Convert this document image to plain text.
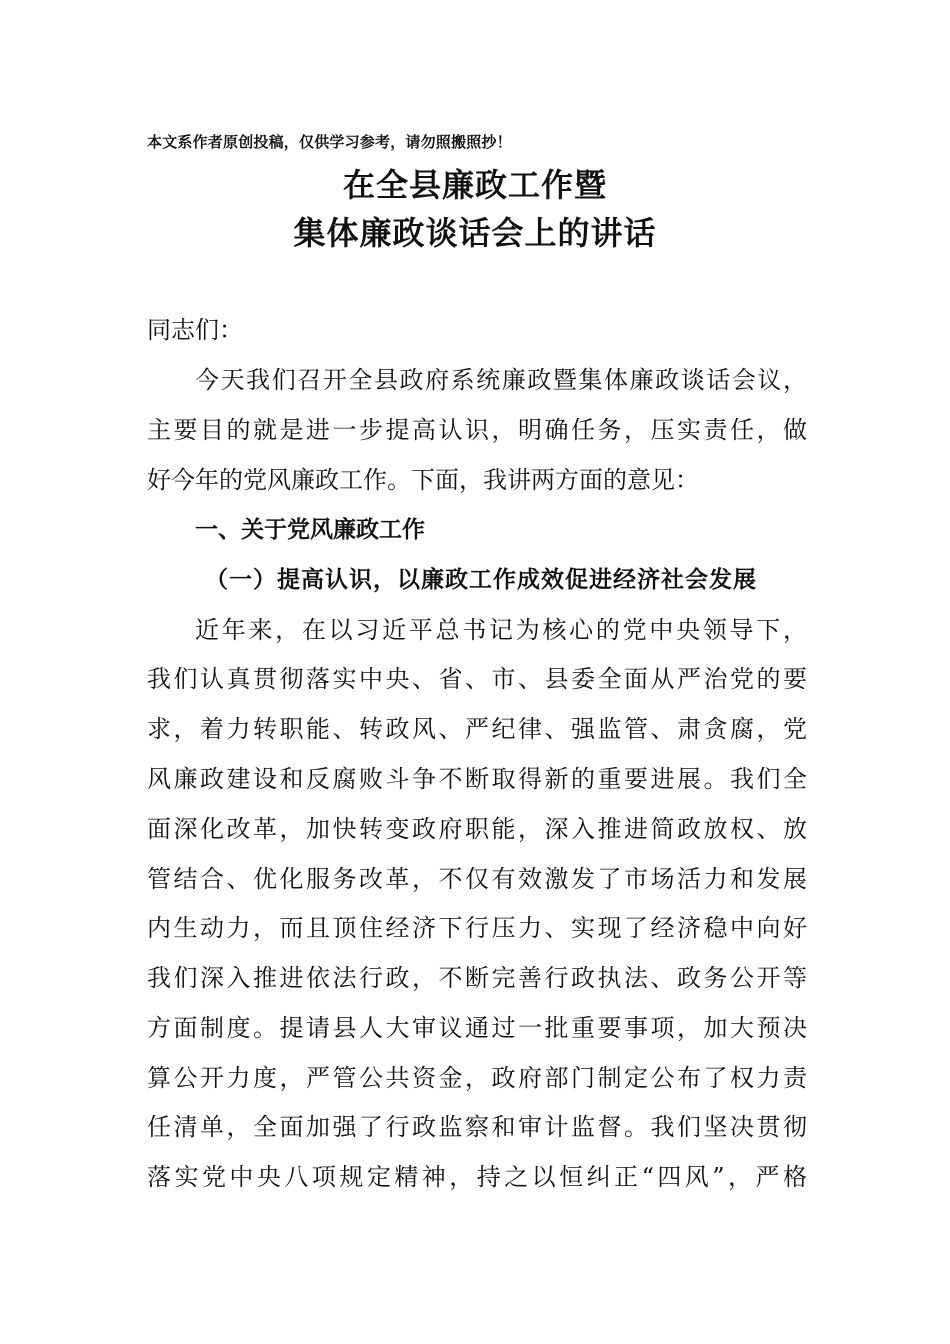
本文系作者原创投稿，仅供学习参考，请勿照搬照抄！
在全县廉政工作暨
集体廉政谈话会上的讲话
同志们：
今天我们召开全县政府系统廉政暨集体廉政谈话会议，
主要目的就是进一步提高认识，明确任务，压实责任，做
好今年的党风廉政工作。下面，我讲两方面的意见：
一、关于党风廉政工作
（一）提高认识，以廉政工作成效促进经济社会发展
近年来，在以习近平总书记为核心的党中央领导下，
我们认真贯彻落实中央、省、市、县委全面从严治党的要
求，着力转职能、转政风、严纪律、强监管、肃贪腐，党
风廉政建设和反腐败斗争不断取得新的重要进展。我们全
面深化改革，加快转变政府职能，深入推进简政放权、放
管结合、优化服务改革，不仅有效激发了市场活力和发展
内生动力，而且顶住经济下行压力、实现了经济稳中向好
我们深入推进依法行政，不断完善行政执法、政务公开等
方面制度。提请县人大审议通过一批重要事项，加大预决
算公开力度，严管公共资金，政府部门制定公布了权力责
任清单，全面加强了行政监察和审计监督。我们坚决贯彻
落实党中央八项规定精神，持之以恒纠正“四风”，严格
